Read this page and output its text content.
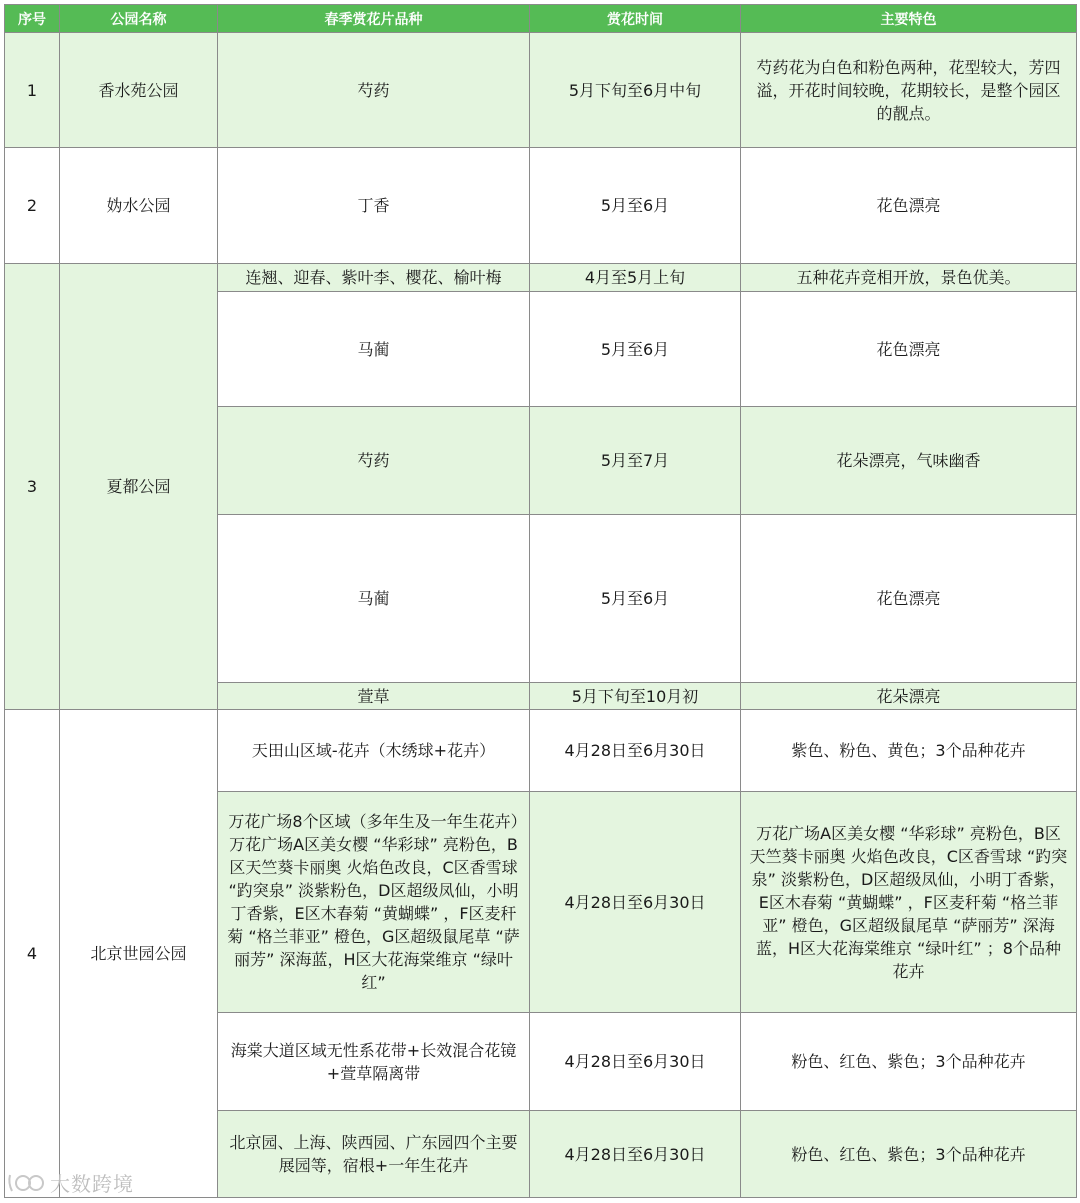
序号	公园名称	春季赏花片品种	赏花时间	主要特色
1	香水苑公园	芍药	5月下旬至6月中旬	芍药花为白色和粉色两种，花型较大，芳四溢，开花时间较晚，花期较长，是整个园区的靓点。
2	妫水公园	丁香	5月至6月	花色漂亮
3	夏都公园	连翘、迎春、紫叶李、樱花、榆叶梅	4月至5月上旬	五种花卉竞相开放，景色优美。
		马蔺	5月至6月	花色漂亮
		芍药	5月至7月	花朵漂亮，气味幽香
		马蔺	5月至6月	花色漂亮
		萱草	5月下旬至10月初	花朵漂亮
4	北京世园公园	天田山区域-花卉（木绣球+花卉）	4月28日至6月30日	紫色、粉色、黄色；3个品种花卉
		万花广场8个区域（多年生及一年生花卉）万花广场A区美女樱 “华彩球” 亮粉色，B区天竺葵卡丽奥 火焰色改良，C区香雪球 “趵突泉” 淡紫粉色，D区超级凤仙，小明丁香紫，E区木春菊 “黄蝴蝶” ，F区麦秆菊 “格兰菲亚” 橙色，G区超级鼠尾草 “萨丽芳” 深海蓝，H区大花海棠维京 “绿叶红”	4月28日至6月30日	万花广场A区美女樱 “华彩球” 亮粉色，B区天竺葵卡丽奥 火焰色改良，C区香雪球 “趵突泉” 淡紫粉色，D区超级凤仙，小明丁香紫，E区木春菊 “黄蝴蝶” ，F区麦秆菊 “格兰菲亚” 橙色，G区超级鼠尾草 “萨丽芳” 深海蓝，H区大花海棠维京 “绿叶红” ；8个品种花卉
		海棠大道区域无性系花带+长效混合花镜+萱草隔离带	4月28日至6月30日	粉色、红色、紫色；3个品种花卉
		北京园、上海、陕西园、广东园四个主要展园等，宿根+一年生花卉	4月28日至6月30日	粉色、红色、紫色；3个品种花卉
大数跨境
